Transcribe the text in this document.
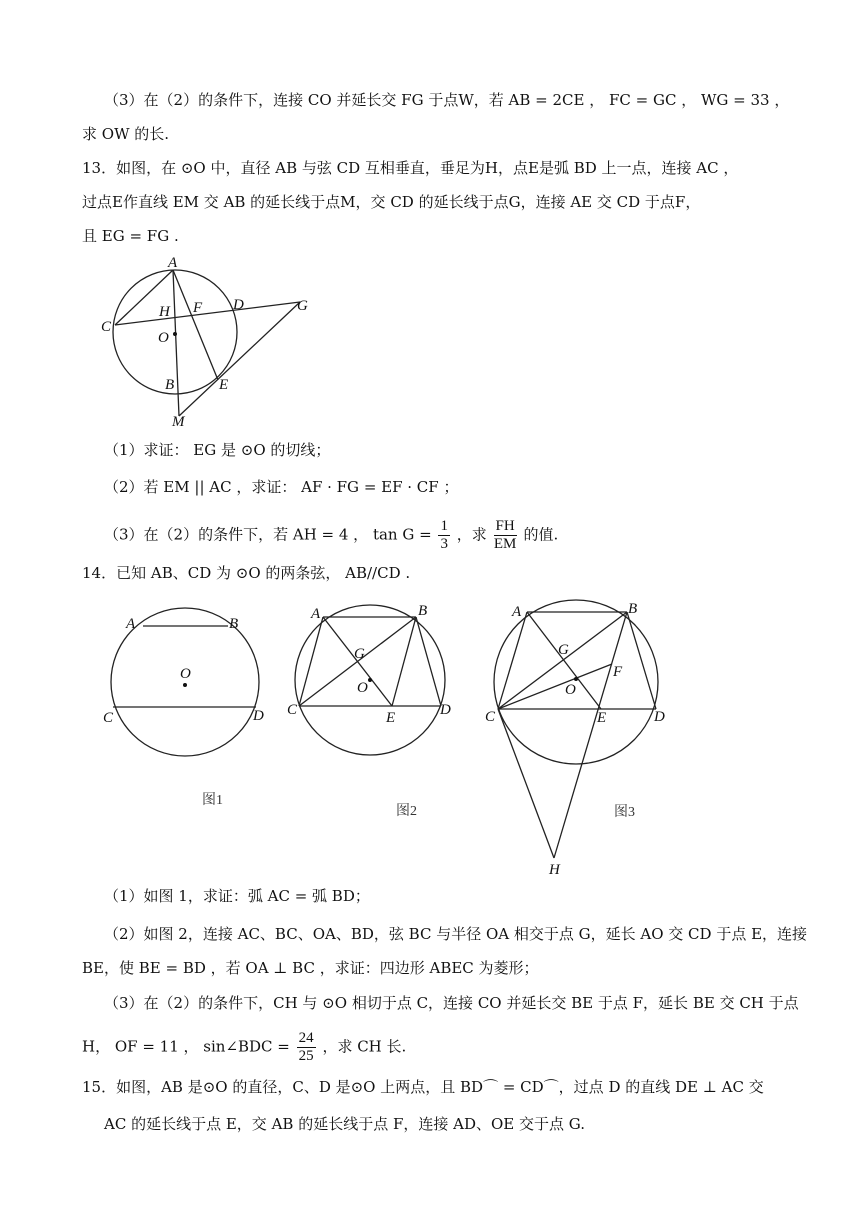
（3）在（2）的条件下，连接 CO 并延长交 FG 于点W，若 AB = 2CE ， FC = GC ， WG = 33 ，
求 OW 的长.
13．如图，在 ⊙O 中，直径 AB 与弦 CD 互相垂直，垂足为H，点E是弧 BD 上一点，连接 AC ，
过点E作直线 EM 交 AB 的延长线于点M，交 CD 的延长线于点G，连接 AE 交 CD 于点F，
且 EG = FG .
A
C
H F D	G
O
B	E
M
（1）求证： EG 是 ⊙O 的切线；
（2）若 EM || AC ，求证： AF · FG = EF · CF ；
（3）在（2）的条件下，若 AH = 4 ， $\tan G = \frac{1}{3}$ ，求 $\frac{FH}{EM}$ 的值.
14．已知 AB、CD 为 ⊙O 的两条弦， AB//CD .
A	B
O
C	D
图1
A	B
G
O
C	E	D
图2
A	B
G
F
O
C	E	D
H
图3
（1）如图 1，求证：弧 AC = 弧 BD；
（2）如图 2，连接 AC、BC、OA、BD，弦 BC 与半径 OA 相交于点 G，延长 AO 交 CD 于点 E，连接
BE，使 BE = BD ，若 OA ⊥ BC ，求证：四边形 ABEC 为菱形；
（3）在（2）的条件下，CH 与 ⊙O 相切于点 C，连接 CO 并延长交 BE 于点 F，延长 BE 交 CH 于点
H， OF = 11 ， sin∠BDC = $\frac{24}{25}$ ，求 CH 长.
15．如图，AB 是⊙O 的直径，C、D 是⊙O 上两点，且 BD⌒ = CD⌒，过点 D 的直线 DE ⊥ AC 交
AC 的延长线于点 E，交 AB 的延长线于点 F，连接 AD、OE 交于点 G.
